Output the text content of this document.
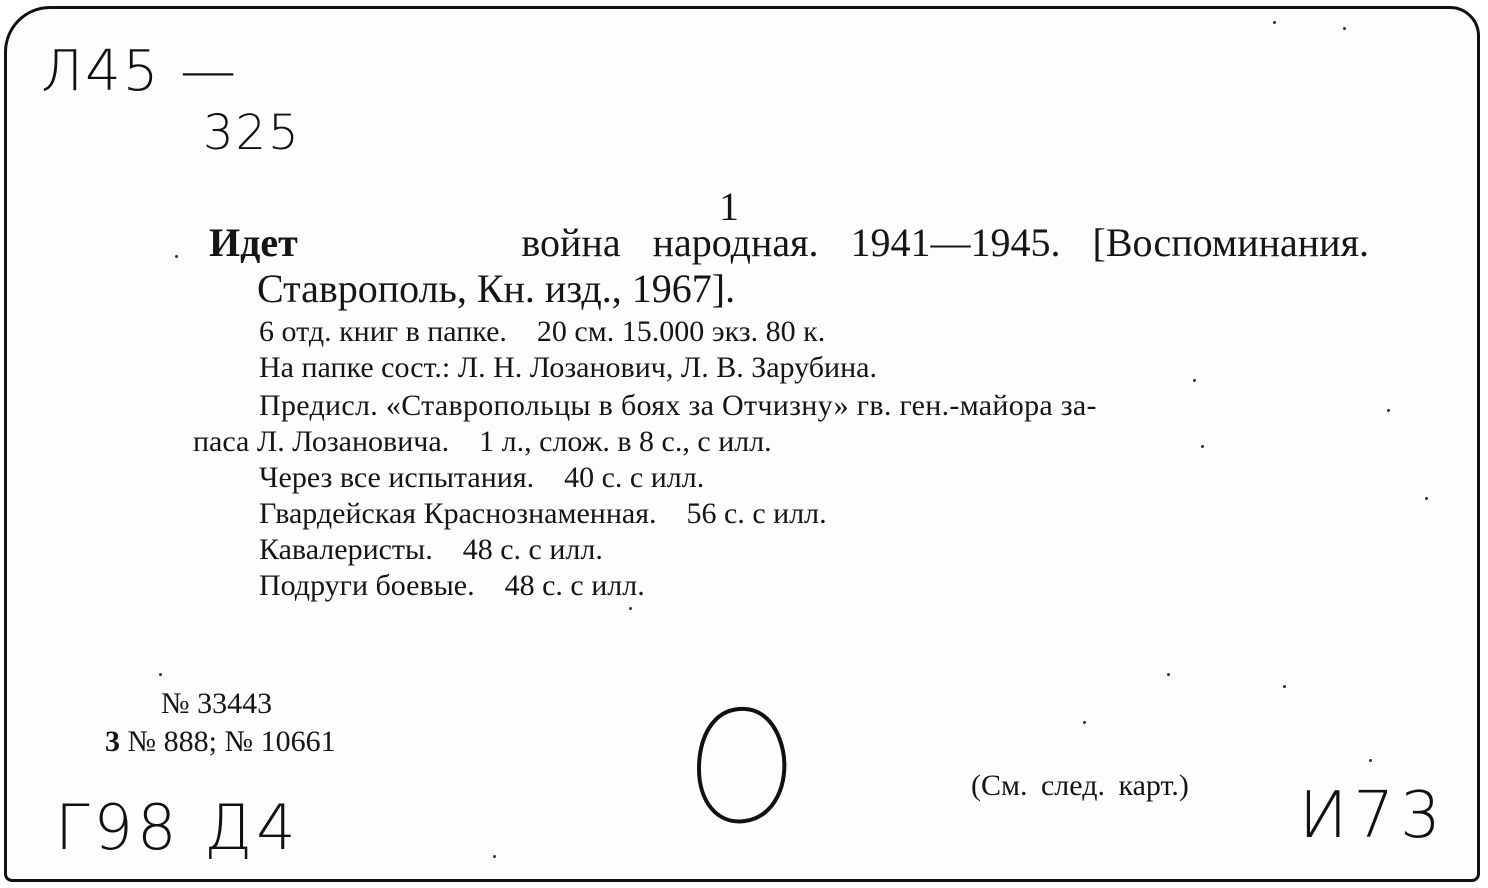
Л45 —
325
1
Идет	война народная. 1941—1945. [Воспоминания.
Ставрополь, Кн. изд., 1967].
6 отд. книг в папке.    20 см. 15.000 экз. 80 к.
На папке сост.: Л. Н. Лозанович, Л. В. Зарубина.
Предисл. «Ставропольцы в боях за Отчизну» гв. ген.-майора за-
паса Л. Лозановича.    1 л., слож. в 8 с., с илл.
Через все испытания.    40 с. с илл.
Гвардейская Краснознаменная.    56 с. с илл.
Кавалеристы.    48 с. с илл.
Подруги боевые.    48 с. с илл.
№ 33443
3 № 888; № 10661
(См. след. карт.)
Г98 Д4	И73
